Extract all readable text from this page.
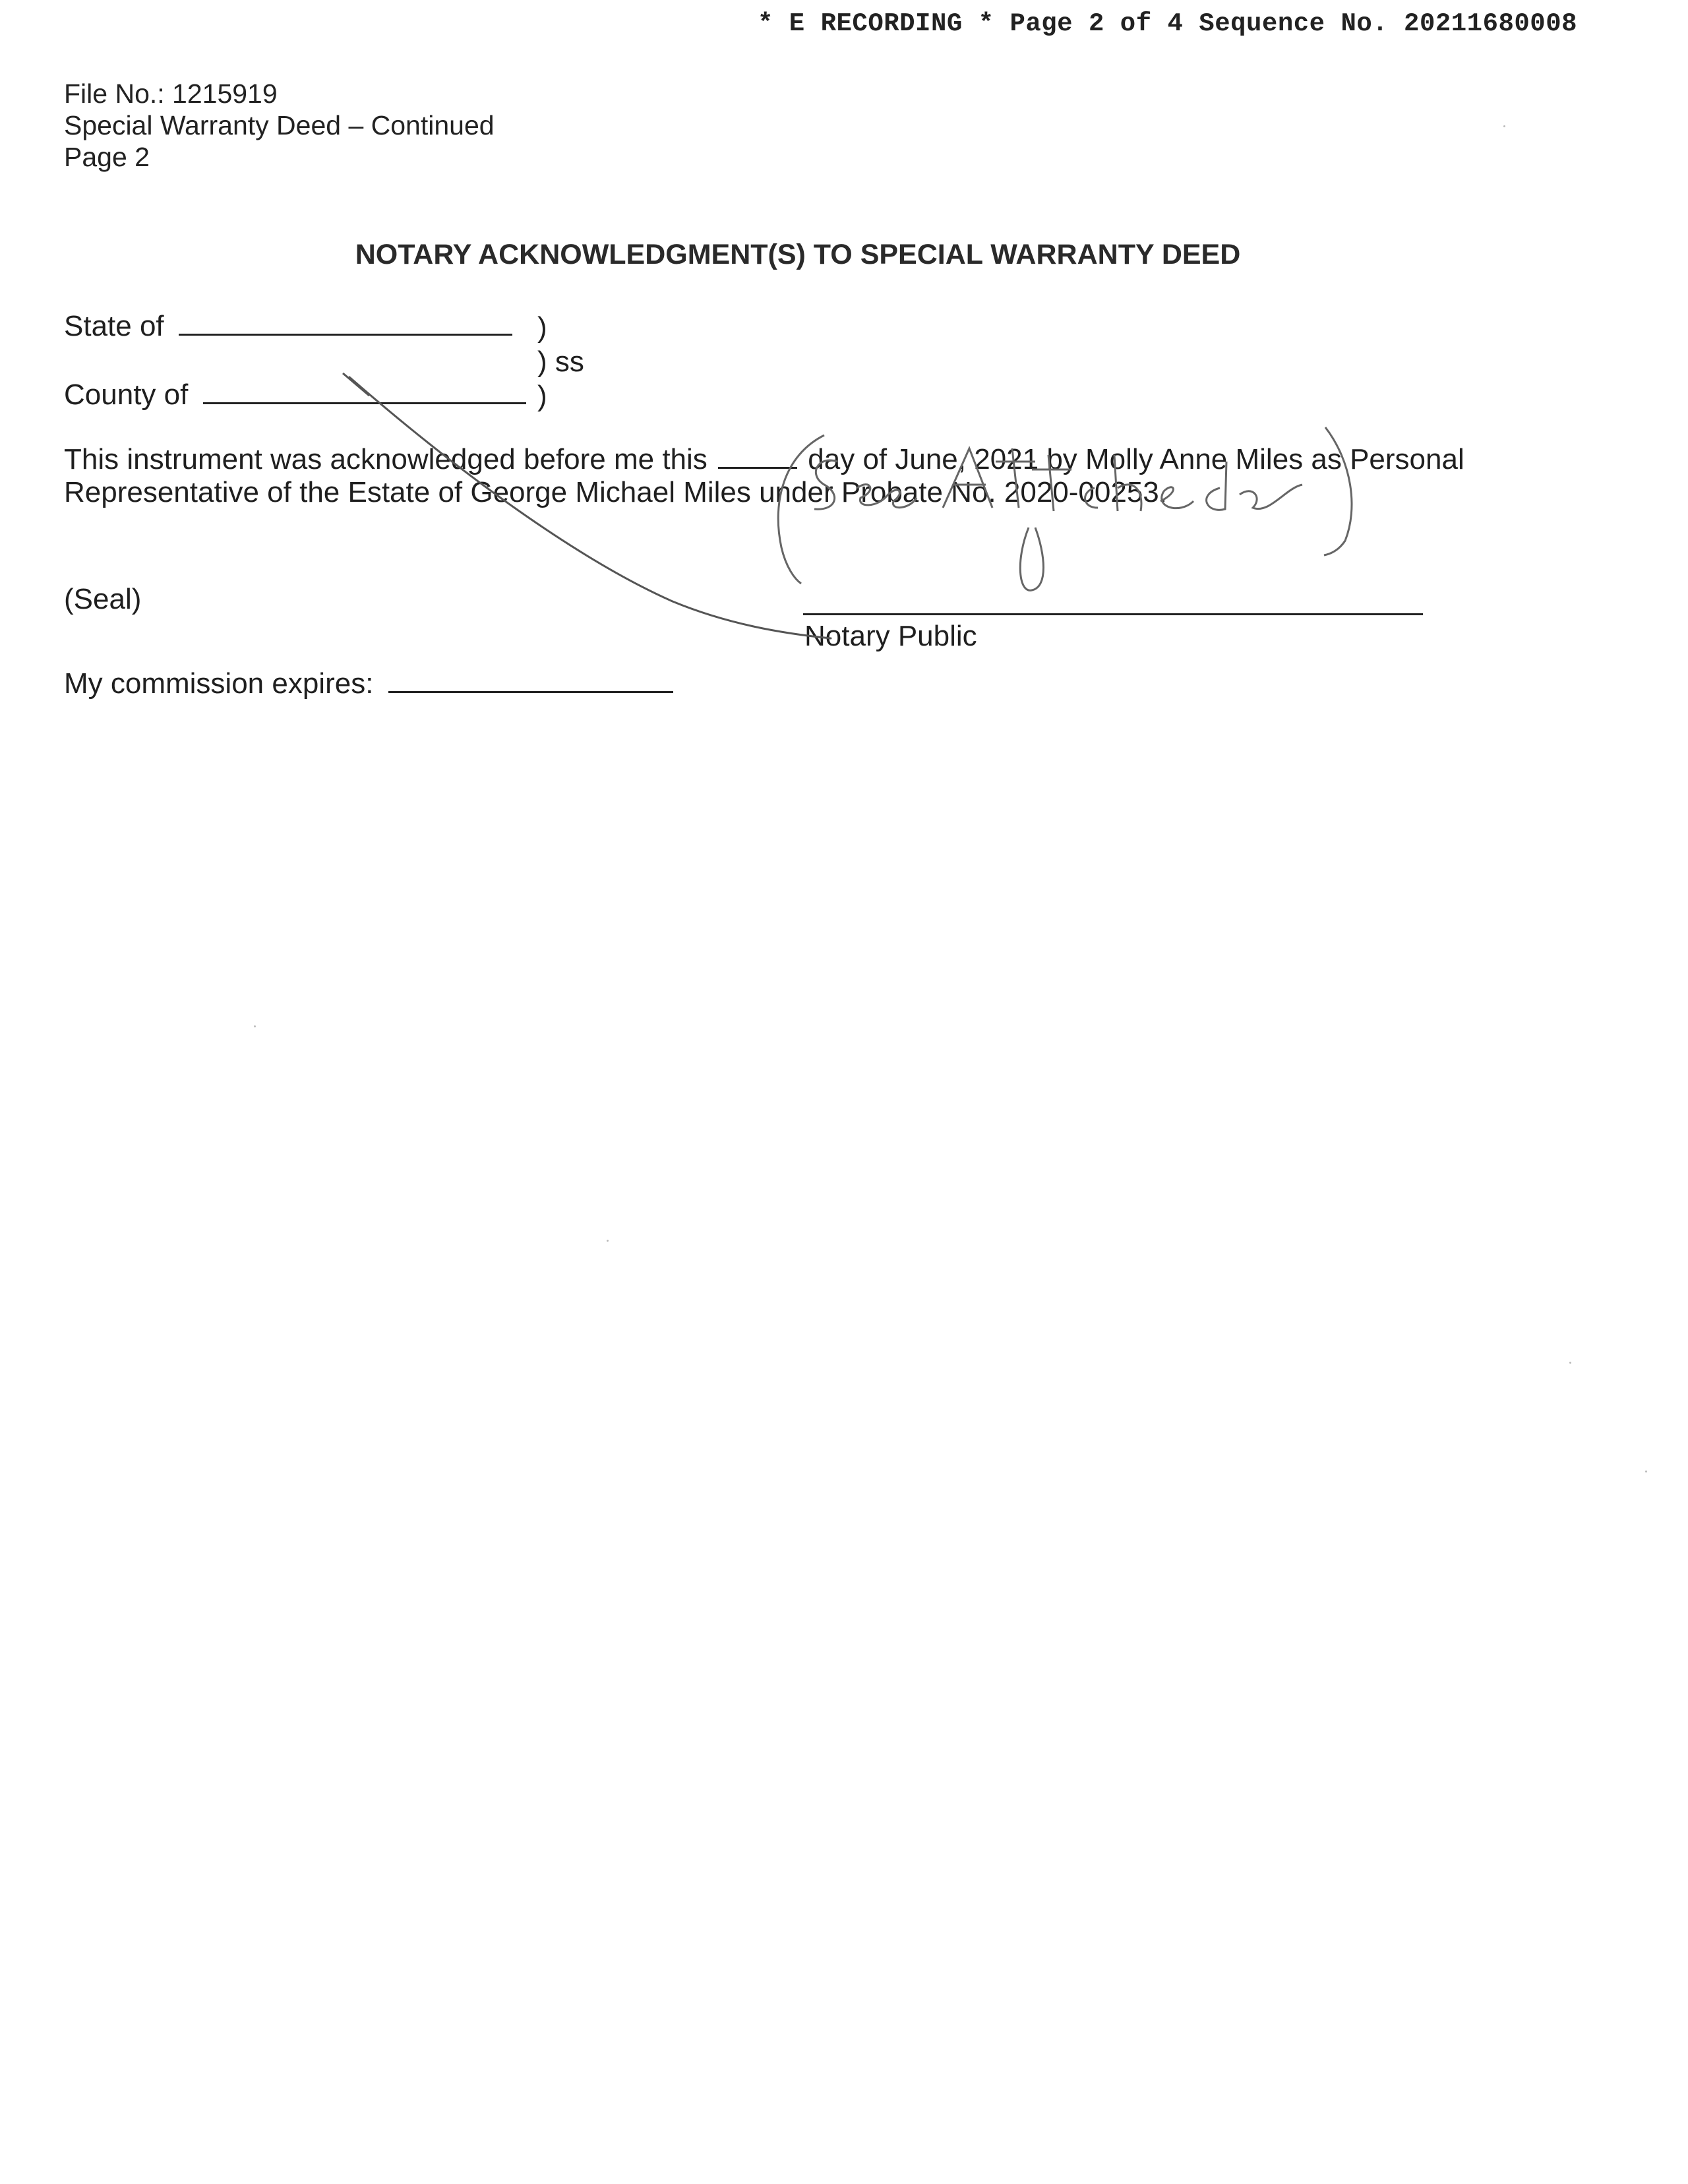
* E RECORDING * Page 2 of 4 Sequence No. 20211680008
File No.: 1215919
Special Warranty Deed – Continued
Page 2
NOTARY ACKNOWLEDGMENT(S) TO SPECIAL WARRANTY DEED
State of	)
) ss
County of	)
This instrument was acknowledged before me this	day of June, 2021 by Molly Anne Miles as Personal
Representative of the Estate of George Michael Miles under Probate No. 2020-00253.
(Seal)
Notary Public
My commission expires:
See Attached
